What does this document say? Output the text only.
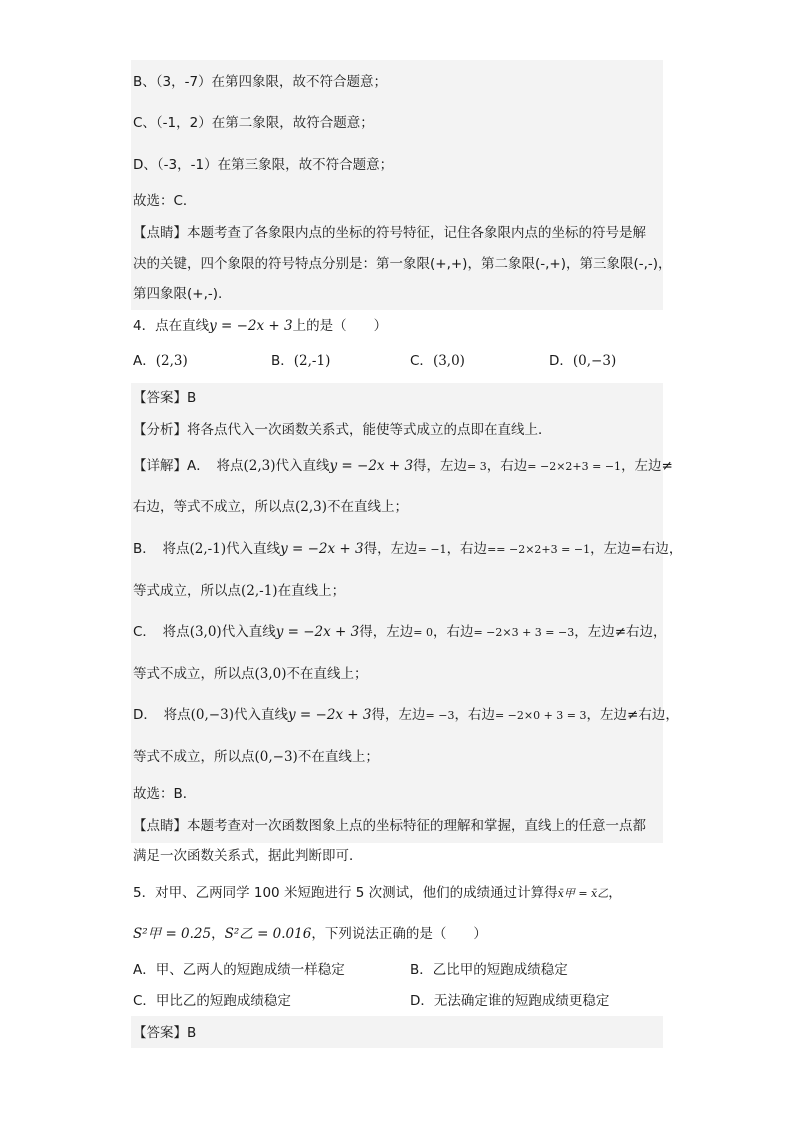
B、（3，-7）在第四象限，故不符合题意；
C、（-1，2）在第二象限，故符合题意；
D、（-3，-1）在第三象限，故不符合题意；
故选：C．
【点睛】本题考查了各象限内点的坐标的符号特征，记住各象限内点的坐标的符号是解
决的关键，四个象限的符号特点分别是：第一象限(+,+)，第二象限(-,+)，第三象限(-,-)，
第四象限(+,-).
4．点在直线y = −2x + 3上的是（　　）
A．(2,3)	B．(2,-1)	C．(3,0)	D．(0,−3)
【答案】B
【分析】将各点代入一次函数关系式，能使等式成立的点即在直线上．
【详解】A．　将点(2,3)代入直线y = −2x + 3得，左边= 3，右边= −2×2+3 = −1，左边≠
右边，等式不成立，所以点(2,3)不在直线上；
B．　将点(2,-1)代入直线y = −2x + 3得，左边= −1，右边== −2×2+3 = −1，左边=右边，
等式成立，所以点(2,-1)在直线上；
C．　将点(3,0)代入直线y = −2x + 3得，左边= 0，右边= −2×3 + 3 = −3，左边≠右边，
等式不成立，所以点(3,0)不在直线上；
D．　将点(0,−3)代入直线y = −2x + 3得，左边= −3，右边= −2×0 + 3 = 3，左边≠右边，
等式不成立，所以点(0,−3)不在直线上；
故选：B．
【点睛】本题考查对一次函数图象上点的坐标特征的理解和掌握，直线上的任意一点都
满足一次函数关系式，据此判断即可．
5．对甲、乙两同学 100 米短跑进行 5 次测试，他们的成绩通过计算得x̄甲 = x̄乙，
S²甲 = 0.25，S²乙 = 0.016，下列说法正确的是（　　）
A．甲、乙两人的短跑成绩一样稳定	B．乙比甲的短跑成绩稳定
C．甲比乙的短跑成绩稳定	D．无法确定谁的短跑成绩更稳定
【答案】B
